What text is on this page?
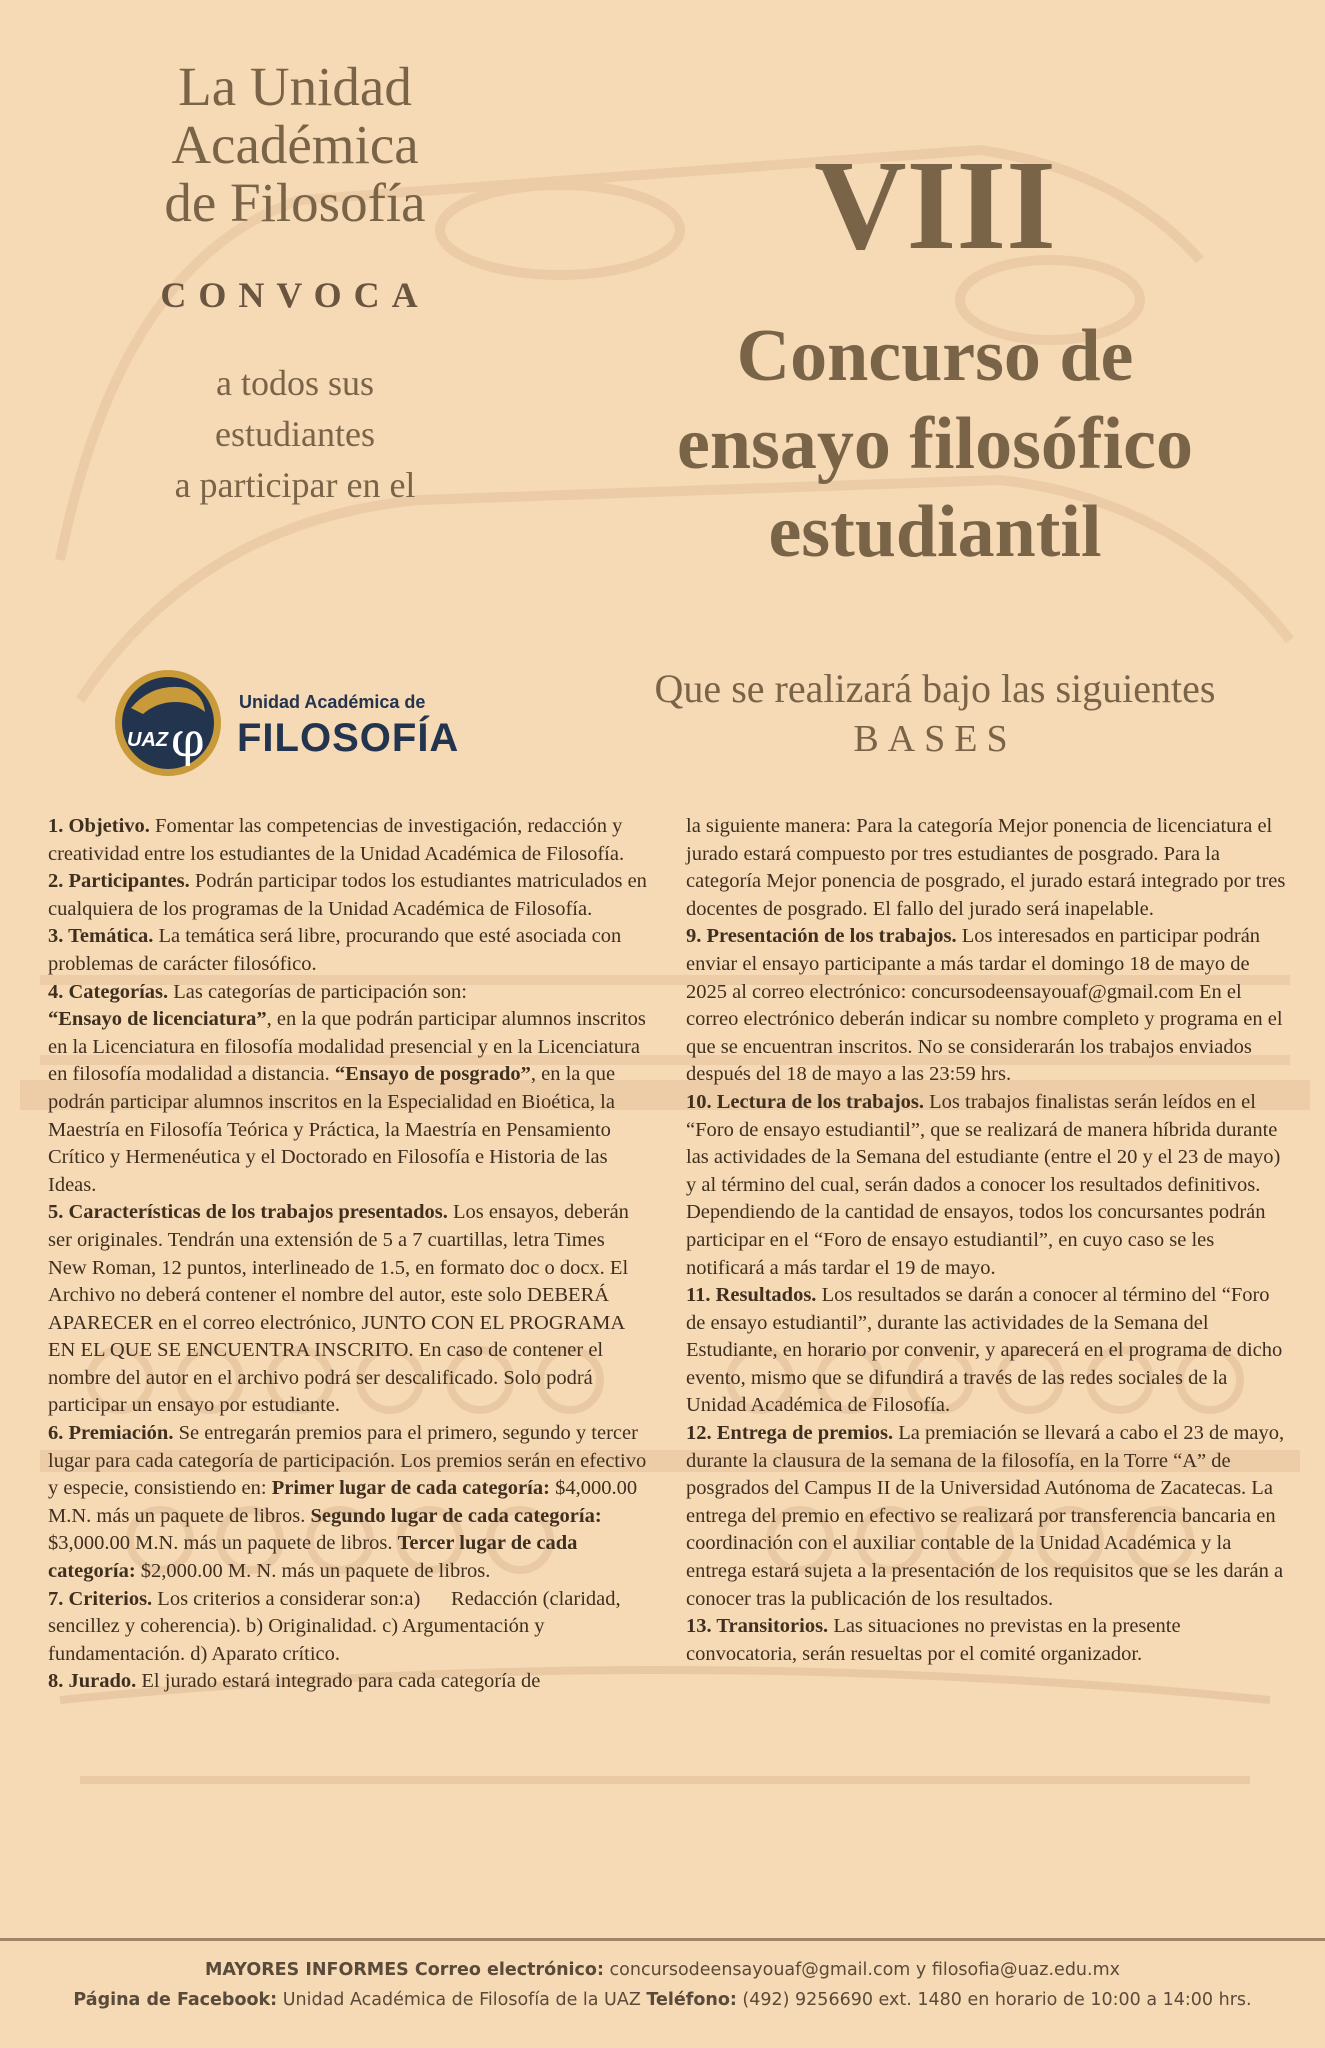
La Unidad
Académica
de Filosofía
CONVOCA
a todos sus
estudiantes
a participar en el
UAZ φ
Unidad Académica de
FILOSOFÍA
VIII
Concurso de
ensayo filosófico
estudiantil
Que se realizará bajo las siguientes
BASES

1. Objetivo. Fomentar las competencias de investigación, redacción y creatividad entre los estudiantes de la Unidad Académica de Filosofía.

2. Participantes. Podrán participar todos los estudiantes matriculados en cualquiera de los programas de la Unidad Académica de Filosofía.

3. Temática. La temática será libre, procurando que esté asociada con problemas de carácter filosófico.

4. Categorías. Las categorías de participación son:
“Ensayo de licenciatura”, en la que podrán participar alumnos inscritos en la Licenciatura en filosofía modalidad presencial y en la Licenciatura en filosofía modalidad a distancia. “Ensayo de posgrado”, en la que podrán participar alumnos inscritos en la Especialidad en Bioética, la Maestría en Filosofía Teórica y Práctica, la Maestría en Pensamiento Crítico y Hermenéutica y el Doctorado en Filosofía e Historia de las Ideas.

5. Características de los trabajos presentados. Los ensayos, deberán ser originales. Tendrán una extensión de 5 a 7 cuartillas, letra Times New Roman, 12 puntos, interlineado de 1.5, en formato doc o docx. El Archivo no deberá contener el nombre del autor, este solo DEBERÁ APARECER en el correo electrónico, JUNTO CON EL PROGRAMA EN EL QUE SE ENCUENTRA INSCRITO. En caso de contener el nombre del autor en el archivo podrá ser descalificado. Solo podrá participar un ensayo por estudiante.

6. Premiación. Se entregarán premios para el primero, segundo y tercer lugar para cada categoría de participación. Los premios serán en efectivo y especie, consistiendo en: Primer lugar de cada categoría: $4,000.00 M.N. más un paquete de libros. Segundo lugar de cada categoría: $3,000.00 M.N. más un paquete de libros. Tercer lugar de cada categoría: $2,000.00 M. N. más un paquete de libros.

7. Criterios. Los criterios a considerar son:a)      Redacción (claridad, sencillez y coherencia). b) Originalidad. c) Argumentación y fundamentación. d) Aparato crítico.

8. Jurado. El jurado estará integrado para cada categoría de

la siguiente manera: Para la categoría Mejor ponencia de licenciatura el jurado estará compuesto por tres estudiantes de posgrado. Para la categoría Mejor ponencia de posgrado, el jurado estará integrado por tres docentes de posgrado. El fallo del jurado será inapelable.

9. Presentación de los trabajos. Los interesados en participar podrán enviar el ensayo participante a más tardar el domingo 18 de mayo de 2025 al correo electrónico: concursodeensayouaf@gmail.com En el correo electrónico deberán indicar su nombre completo y programa en el que se encuentran inscritos. No se considerarán los trabajos enviados después del 18 de mayo a las 23:59 hrs.

10. Lectura de los trabajos. Los trabajos finalistas serán leídos en el “Foro de ensayo estudiantil”, que se realizará de manera híbrida durante las actividades de la Semana del estudiante (entre el 20 y el 23 de mayo) y al término del cual, serán dados a conocer los resultados definitivos. Dependiendo de la cantidad de ensayos, todos los concursantes podrán participar en el “Foro de ensayo estudiantil”, en cuyo caso se les notificará a más tardar el 19 de mayo.

11. Resultados. Los resultados se darán a conocer al término del “Foro de ensayo estudiantil”, durante las actividades de la Semana del Estudiante, en horario por convenir, y aparecerá en el programa de dicho evento, mismo que se difundirá a través de las redes sociales de la Unidad Académica de Filosofía.

12. Entrega de premios. La premiación se llevará a cabo el 23 de mayo, durante la clausura de la semana de la filosofía, en la Torre “A” de posgrados del Campus II de la Universidad Autónoma de Zacatecas. La entrega del premio en efectivo se realizará por transferencia bancaria en coordinación con el auxiliar contable de la Unidad Académica y la entrega estará sujeta a la presentación de los requisitos que se les darán a conocer tras la publicación de los resultados.

13. Transitorios. Las situaciones no previstas en la presente convocatoria, serán resueltas por el comité organizador.

MAYORES INFORMES Correo electrónico: concursodeensayouaf@gmail.com y filosofia@uaz.edu.mx
Página de Facebook: Unidad Académica de Filosofía de la UAZ Teléfono: (492) 9256690 ext. 1480 en horario de 10:00 a 14:00 hrs.
